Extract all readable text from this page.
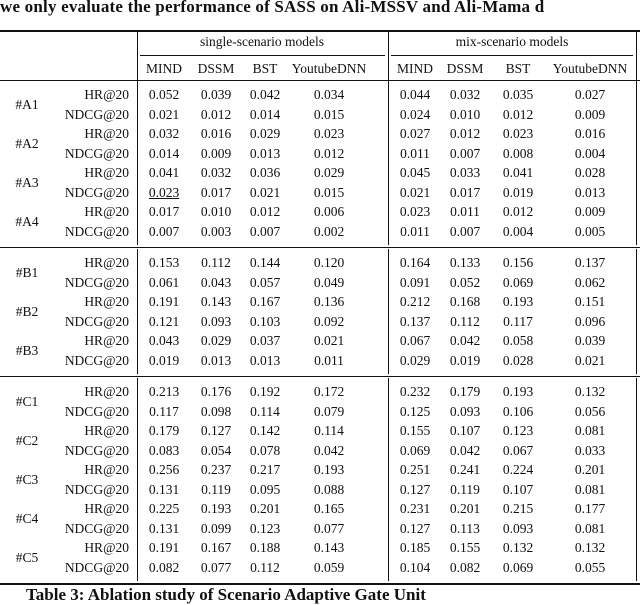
we only evaluate the performance of SASS on Ali-MSSV and Ali-Mama d
single-scenario models	mix-scenario models
MIND DSSM BST YoutubeDNN MIND DSSM BST YoutubeDNN
#A1
HR@20 0.052 0.039 0.042 0.034	0.044 0.032 0.035	0.027
NDCG@20 0.021 0.012 0.014 0.015	0.024 0.010 0.012	0.009
#A2
HR@20 0.032 0.016 0.029 0.023	0.027 0.012 0.023	0.016
NDCG@20 0.014 0.009 0.013 0.012	0.011 0.007 0.008	0.004
#A3
HR@20 0.041 0.032 0.036 0.029	0.045 0.033 0.041	0.028
NDCG@20 0.023 0.017 0.021 0.015	0.021 0.017 0.019	0.013
#A4
HR@20 0.017 0.010 0.012 0.006	0.023 0.011 0.012	0.009
NDCG@20 0.007 0.003 0.007 0.002	0.011 0.007 0.004	0.005
#B1
HR@20 0.153 0.112 0.144 0.120	0.164 0.133 0.156	0.137
NDCG@20 0.061 0.043 0.057 0.049	0.091 0.052 0.069	0.062
#B2
HR@20 0.191 0.143 0.167 0.136	0.212 0.168 0.193	0.151
NDCG@20 0.121 0.093 0.103 0.092	0.137 0.112 0.117	0.096
#B3
HR@20 0.043 0.029 0.037 0.021	0.067 0.042 0.058	0.039
NDCG@20 0.019 0.013 0.013	0.011	0.029 0.019 0.028	0.021
#C1
HR@20 0.213 0.176 0.192 0.172	0.232 0.179 0.193	0.132
NDCG@20 0.117 0.098 0.114	0.079	0.125 0.093 0.106	0.056
#C2
HR@20 0.179 0.127 0.142	0.114	0.155 0.107 0.123	0.081
NDCG@20 0.083 0.054 0.078 0.042	0.069 0.042 0.067	0.033
#C3
HR@20 0.256 0.237 0.217 0.193	0.251 0.241 0.224	0.201
NDCG@20 0.131 0.119 0.095 0.088	0.127 0.119 0.107	0.081
#C4
HR@20 0.225 0.193 0.201 0.165	0.231 0.201 0.215	0.177
NDCG@20 0.131 0.099 0.123 0.077	0.127 0.113 0.093	0.081
#C5
HR@20 0.191 0.167 0.188 0.143	0.185 0.155 0.132	0.132
NDCG@20 0.082 0.077 0.112	0.059	0.104 0.082 0.069	0.055
Table 3: Ablation study of Scenario Adaptive Gate Unit
